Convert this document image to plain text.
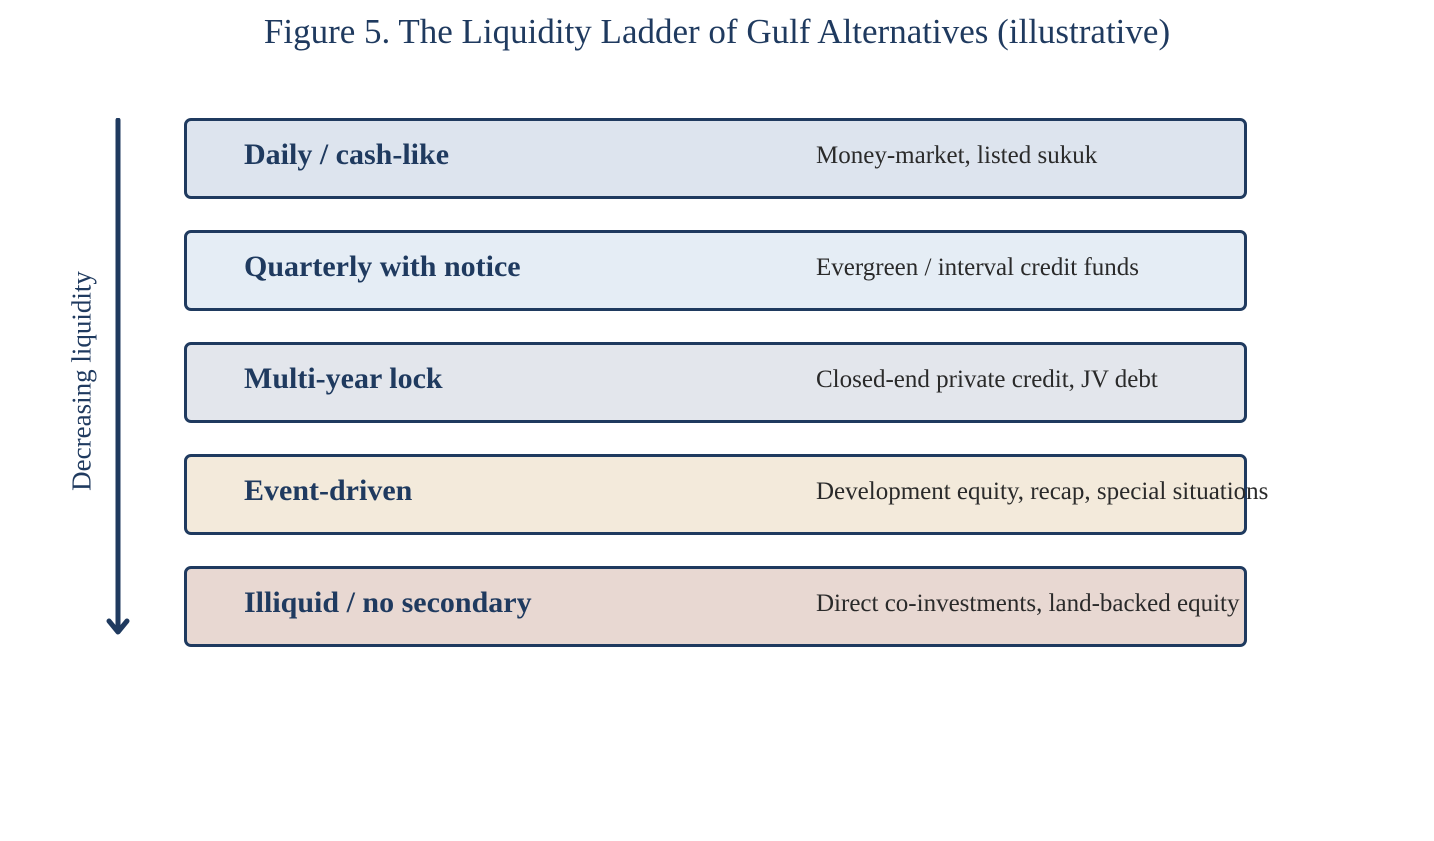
Figure 5. The Liquidity Ladder of Gulf Alternatives (illustrative)
Decreasing liquidity
Daily / cash-like	Money-market, listed sukuk
Quarterly with notice	Evergreen / interval credit funds
Multi-year lock	Closed-end private credit, JV debt
Event-driven	Development equity, recap, special situations
Illiquid / no secondary	Direct co-investments, land-backed equity
